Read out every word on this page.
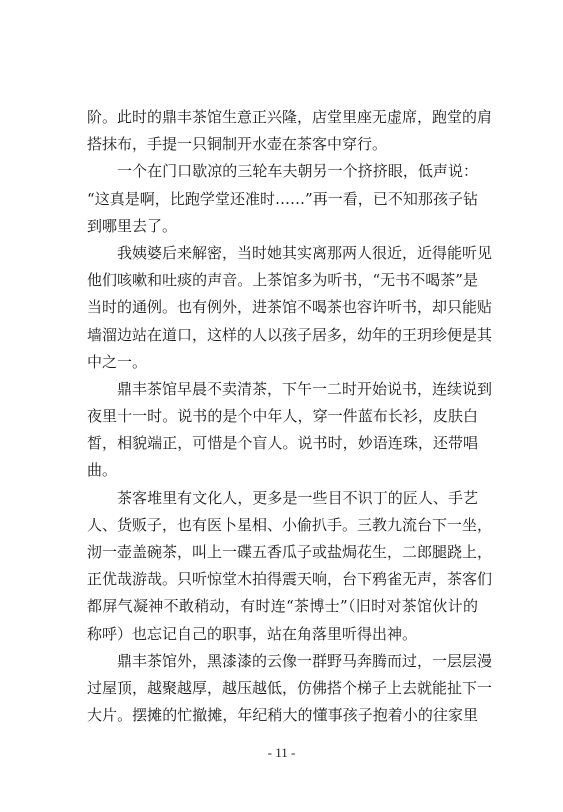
阶。此时的鼎丰茶馆生意正兴隆，店堂里座无虚席，跑堂的肩
搭抹布，手提一只铜制开水壶在茶客中穿行。
一个在门口歇凉的三轮车夫朝另一个挤挤眼，低声说：
“这真是啊，比跑学堂还准时……”再一看，已不知那孩子钻
到哪里去了。
我姨婆后来解密，当时她其实离那两人很近，近得能听见
他们咳嗽和吐痰的声音。上茶馆多为听书，“无书不喝茶”是
当时的通例。也有例外，进茶馆不喝茶也容许听书，却只能贴
墙溜边站在道口，这样的人以孩子居多，幼年的王玥珍便是其
中之一。
鼎丰茶馆早晨不卖清茶，下午一二时开始说书，连续说到
夜里十一时。说书的是个中年人，穿一件蓝布长衫，皮肤白
皙，相貌端正，可惜是个盲人。说书时，妙语连珠，还带唱
曲。
茶客堆里有文化人，更多是一些目不识丁的匠人、手艺
人、货贩子，也有医卜星相、小偷扒手。三教九流台下一坐，
沏一壶盖碗茶，叫上一碟五香瓜子或盐焗花生，二郎腿跷上，
正优哉游哉。只听惊堂木拍得震天响，台下鸦雀无声，茶客们
都屏气凝神不敢稍动，有时连“茶博士”（旧时对茶馆伙计的
称呼）也忘记自己的职事，站在角落里听得出神。
鼎丰茶馆外，黑漆漆的云像一群野马奔腾而过，一层层漫
过屋顶，越聚越厚，越压越低，仿佛搭个梯子上去就能扯下一
大片。摆摊的忙撤摊，年纪稍大的懂事孩子抱着小的往家里
- 11 -
